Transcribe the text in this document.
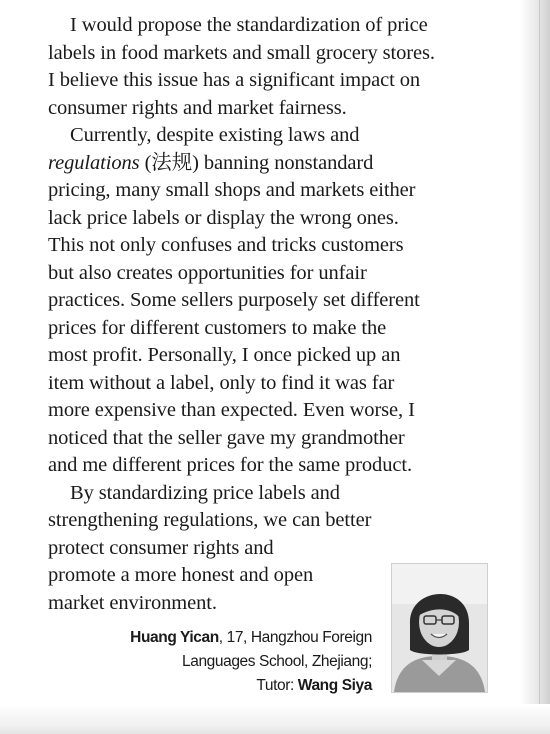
I would propose the standardization of price

labels in food markets and small grocery stores.

I believe this issue has a significant impact on

consumer rights and market fairness.

Currently, despite existing laws and

regulations (法规) banning nonstandard

pricing, many small shops and markets either

lack price labels or display the wrong ones.

This not only confuses and tricks customers

but also creates opportunities for unfair

practices. Some sellers purposely set different

prices for different customers to make the

most profit. Personally, I once picked up an

item without a label, only to find it was far

more expensive than expected. Even worse, I

noticed that the seller gave my grandmother

and me different prices for the same product.

By standardizing price labels and

strengthening regulations, we can better

protect consumer rights and

promote a more honest and open

market environment.

Huang Yican, 17, Hangzhou Foreign
Languages School, Zhejiang;
Tutor: Wang Siya
